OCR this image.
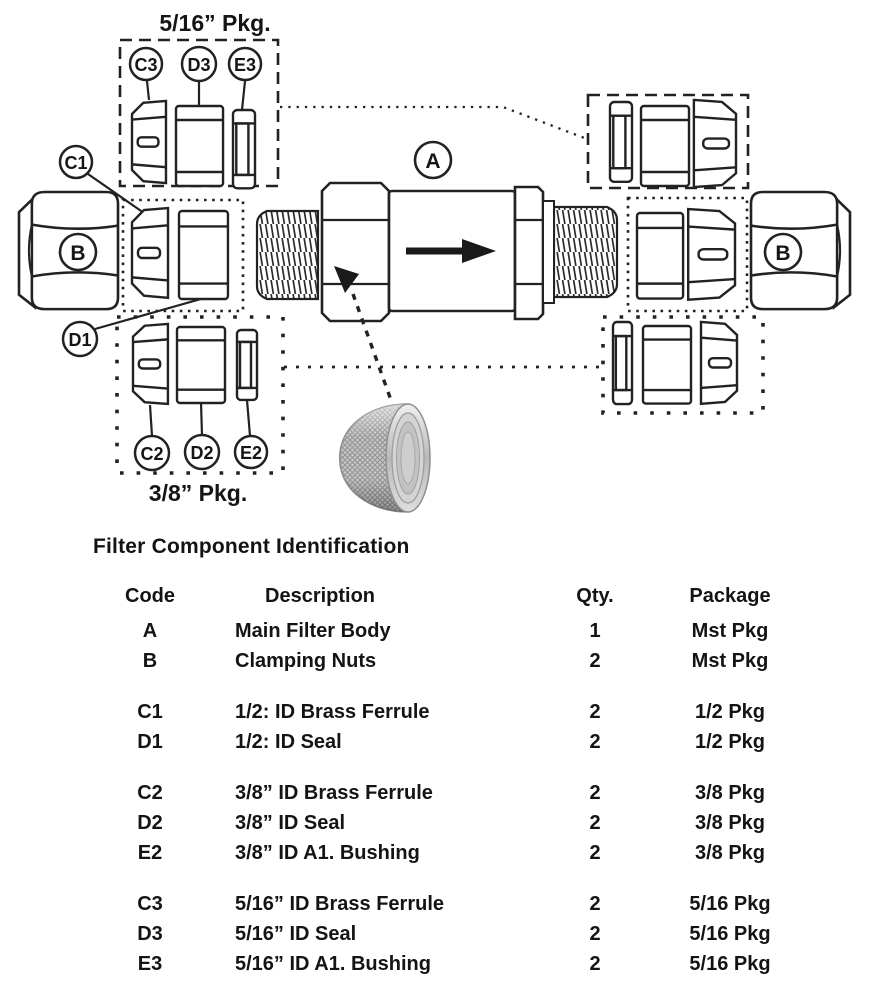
A
B	B
C3 D3 E3
C1
D1
C2 D2 E2
5/16” Pkg.
3/8” Pkg.
Filter Component Identification
Code	Description	Qty.	Package
A	Main Filter Body	1	Mst Pkg
B	Clamping Nuts	2	Mst Pkg
C1	1/2: ID Brass Ferrule	2	1/2 Pkg
D1	1/2: ID Seal	2	1/2 Pkg
C2	3/8” ID Brass Ferrule	2	3/8 Pkg
D2	3/8” ID Seal	2	3/8 Pkg
E2	3/8” ID A1. Bushing	2	3/8 Pkg
C3	5/16” ID Brass Ferrule	2	5/16 Pkg
D3	5/16” ID Seal	2	5/16 Pkg
E3	5/16” ID A1. Bushing	2	5/16 Pkg
